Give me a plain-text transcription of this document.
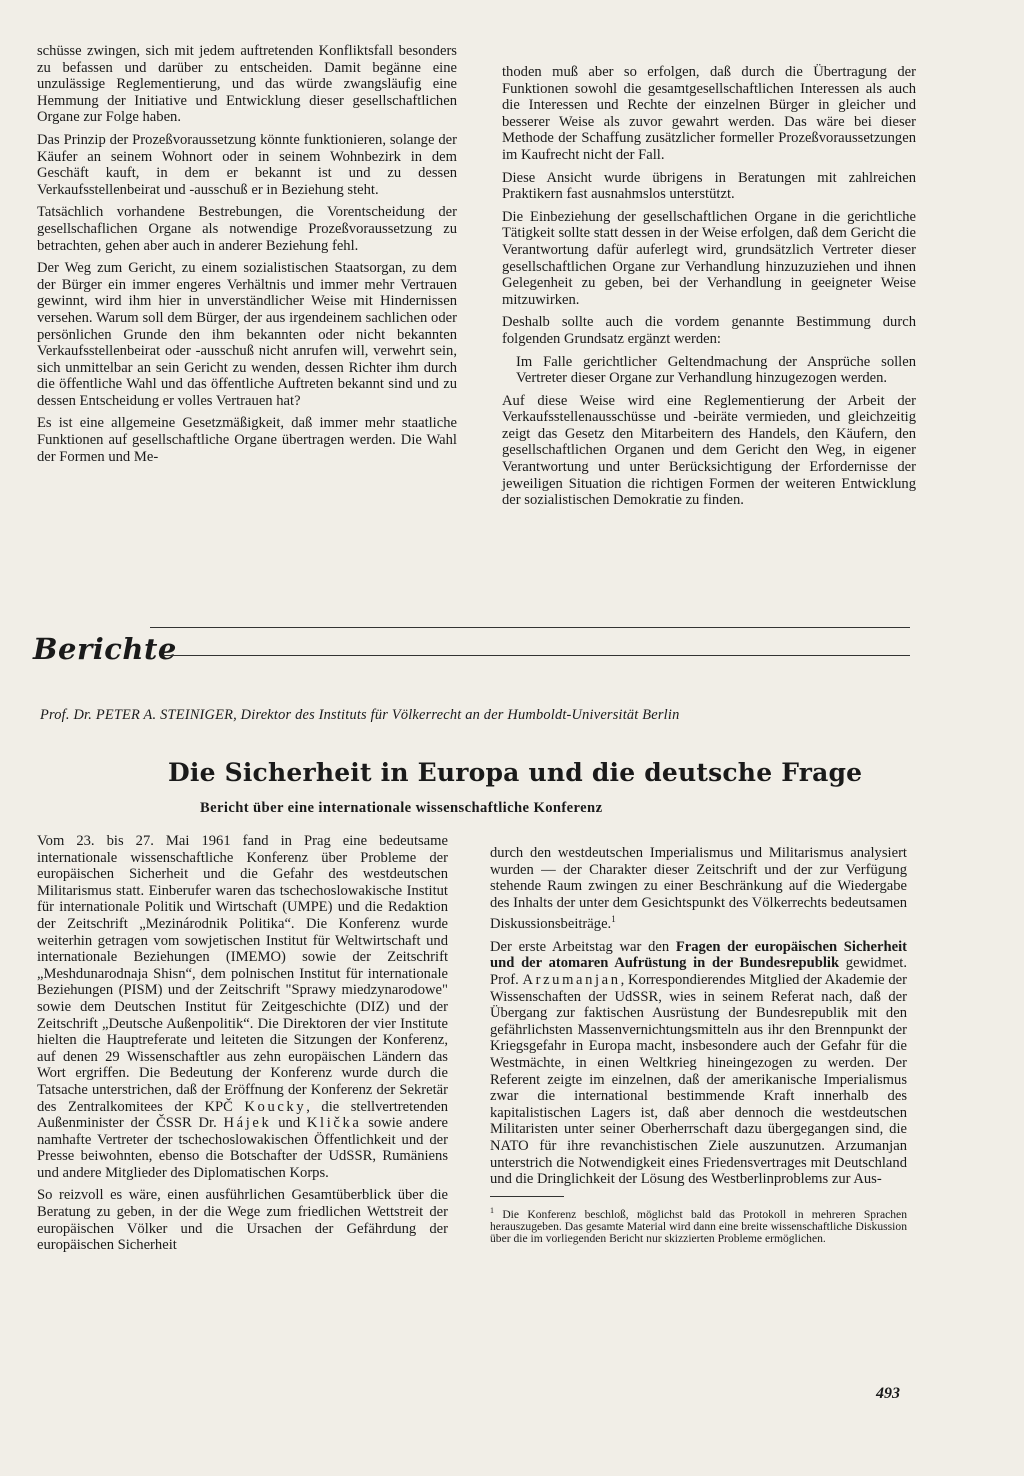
schüsse zwingen, sich mit jedem auftretenden Konfliktsfall besonders zu befassen und darüber zu entscheiden. Damit begänne eine unzulässige Reglementierung, und das würde zwangsläufig eine Hemmung der Initiative und Entwicklung dieser gesellschaftlichen Organe zur Folge haben.

Das Prinzip der Prozeßvoraussetzung könnte funktionieren, solange der Käufer an seinem Wohnort oder in seinem Wohnbezirk in dem Geschäft kauft, in dem er bekannt ist und zu dessen Verkaufsstellenbeirat und -ausschuß er in Beziehung steht.

Tatsächlich vorhandene Bestrebungen, die Vorentscheidung der gesellschaflichen Organe als notwendige Prozeßvoraussetzung zu betrachten, gehen aber auch in anderer Beziehung fehl.

Der Weg zum Gericht, zu einem sozialistischen Staatsorgan, zu dem der Bürger ein immer engeres Verhältnis und immer mehr Vertrauen gewinnt, wird ihm hier in unverständlicher Weise mit Hindernissen versehen. Warum soll dem Bürger, der aus irgendeinem sachlichen oder persönlichen Grunde den ihm bekannten oder nicht bekannten Verkaufsstellenbeirat oder -ausschuß nicht anrufen will, verwehrt sein, sich unmittelbar an sein Gericht zu wenden, dessen Richter ihm durch die öffentliche Wahl und das öffentliche Auftreten bekannt sind und zu dessen Entscheidung er volles Vertrauen hat?

Es ist eine allgemeine Gesetzmäßigkeit, daß immer mehr staatliche Funktionen auf gesellschaftliche Organe übertragen werden. Die Wahl der Formen und Me-

thoden muß aber so erfolgen, daß durch die Übertragung der Funktionen sowohl die gesamtgesellschaftlichen Interessen als auch die Interessen und Rechte der einzelnen Bürger in gleicher und besserer Weise als zuvor gewahrt werden. Das wäre bei dieser Methode der Schaffung zusätzlicher formeller Prozeßvoraussetzungen im Kaufrecht nicht der Fall.

Diese Ansicht wurde übrigens in Beratungen mit zahlreichen Praktikern fast ausnahmslos unterstützt.

Die Einbeziehung der gesellschaftlichen Organe in die gerichtliche Tätigkeit sollte statt dessen in der Weise erfolgen, daß dem Gericht die Verantwortung dafür auferlegt wird, grundsätzlich Vertreter dieser gesellschaftlichen Organe zur Verhandlung hinzuzuziehen und ihnen Gelegenheit zu geben, bei der Verhandlung in geeigneter Weise mitzuwirken.

Deshalb sollte auch die vordem genannte Bestimmung durch folgenden Grundsatz ergänzt werden:

Im Falle gerichtlicher Geltendmachung der Ansprüche sollen Vertreter dieser Organe zur Verhandlung hinzugezogen werden.

Auf diese Weise wird eine Reglementierung der Arbeit der Verkaufsstellenausschüsse und -beiräte vermieden, und gleichzeitig zeigt das Gesetz den Mitarbeitern des Handels, den Käufern, den gesellschaftlichen Organen und dem Gericht den Weg, in eigener Verantwortung und unter Berücksichtigung der Erfordernisse der jeweiligen Situation die richtigen Formen der weiteren Entwicklung der sozialistischen Demokratie zu finden.

Berichte
Prof. Dr. PETER A. STEINIGER, Direktor des Instituts für Völkerrecht an der Humboldt-Universität Berlin
Die Sicherheit in Europa und die deutsche Frage
Bericht über eine internationale wissenschaftliche Konferenz

Vom 23. bis 27. Mai 1961 fand in Prag eine bedeutsame internationale wissenschaftliche Konferenz über Probleme der europäischen Sicherheit und die Gefahr des westdeutschen Militarismus statt. Einberufer waren das tschechoslowakische Institut für internationale Politik und Wirtschaft (UMPE) und die Redaktion der Zeitschrift „Mezinárodnik Politika“. Die Konferenz wurde weiterhin getragen vom sowjetischen Institut für Weltwirtschaft und internationale Beziehungen (IMEMO) sowie der Zeitschrift „Meshdunarodnaja Shisn“, dem polnischen Institut für internationale Beziehungen (PISM) und der Zeitschrift "Sprawy miedzynarodowe" sowie dem Deutschen Institut für Zeitgeschichte (DIZ) und der Zeitschrift „Deutsche Außenpolitik“. Die Direktoren der vier Institute hielten die Hauptreferate und leiteten die Sitzungen der Konferenz, auf denen 29 Wissenschaftler aus zehn europäischen Ländern das Wort ergriffen. Die Bedeutung der Konferenz wurde durch die Tatsache unterstrichen, daß der Eröffnung der Konferenz der Sekretär des Zentralkomitees der KPČ Koucky, die stellvertretenden Außenminister der ČSSR Dr. Hájek und Klička sowie andere namhafte Vertreter der tschechoslowakischen Öffentlichkeit und der Presse beiwohnten, ebenso die Botschafter der UdSSR, Rumäniens und andere Mitglieder des Diplomatischen Korps.

So reizvoll es wäre, einen ausführlichen Gesamtüberblick über die Beratung zu geben, in der die Wege zum friedlichen Wettstreit der europäischen Völker und die Ursachen der Gefährdung der europäischen Sicherheit

durch den westdeutschen Imperialismus und Militarismus analysiert wurden — der Charakter dieser Zeitschrift und der zur Verfügung stehende Raum zwingen zu einer Beschränkung auf die Wiedergabe des Inhalts der unter dem Gesichtspunkt des Völkerrechts bedeutsamen Diskussionsbeiträge.$^1$

Der erste Arbeitstag war den Fragen der europäischen Sicherheit und der atomaren Aufrüstung in der Bundesrepublik gewidmet. Prof. Arzumanjan, Korrespondierendes Mitglied der Akademie der Wissenschaften der UdSSR, wies in seinem Referat nach, daß der Übergang zur faktischen Ausrüstung der Bundesrepublik mit den gefährlichsten Massenvernichtungsmitteln aus ihr den Brennpunkt der Kriegsgefahr in Europa macht, insbesondere auch der Gefahr für die Westmächte, in einen Weltkrieg hineingezogen zu werden. Der Referent zeigte im einzelnen, daß der amerikanische Imperialismus zwar die international bestimmende Kraft innerhalb des kapitalistischen Lagers ist, daß aber dennoch die westdeutschen Militaristen unter seiner Oberherrschaft dazu übergegangen sind, die NATO für ihre revanchistischen Ziele auszunutzen. Arzumanjan unterstrich die Notwendigkeit eines Friedensvertrages mit Deutschland und die Dringlichkeit der Lösung des Westberlinproblems zur Aus-

$^1$ Die Konferenz beschloß, möglichst bald das Protokoll in mehreren Sprachen herauszugeben. Das gesamte Material wird dann eine breite wissenschaftliche Diskussion über die im vorliegenden Bericht nur skizzierten Probleme ermöglichen.

493
